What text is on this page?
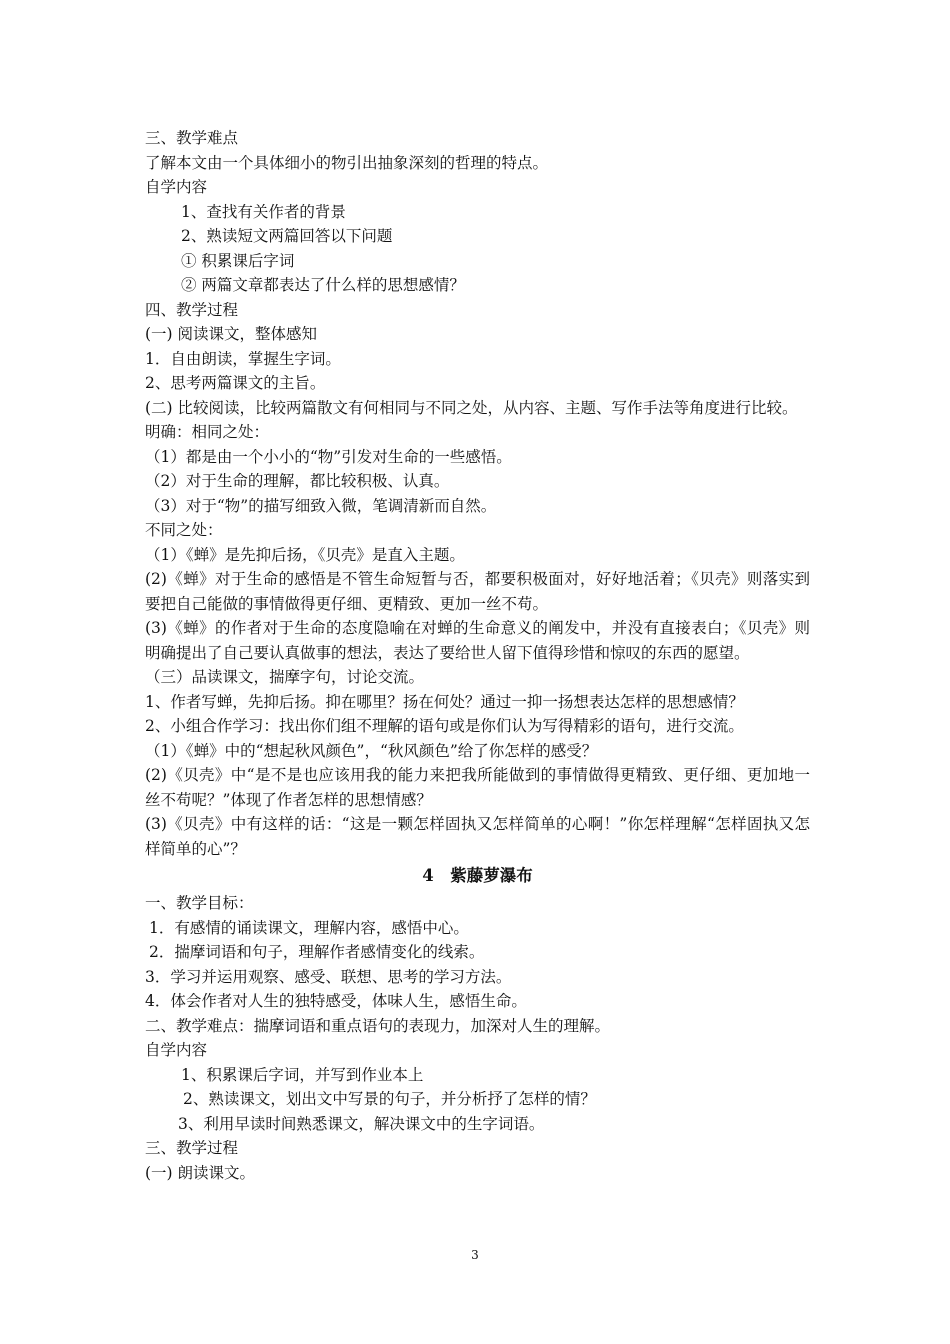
三、教学难点

了解本文由一个具体细小的物引出抽象深刻的哲理的特点。

自学内容

1、查找有关作者的背景

2、熟读短文两篇回答以下问题

① 积累课后字词

② 两篇文章都表达了什么样的思想感情？

四、教学过程

(一) 阅读课文，整体感知

1．自由朗读，掌握生字词。

2、思考两篇课文的主旨。

(二) 比较阅读，比较两篇散文有何相同与不同之处，从内容、主题、写作手法等角度进行比较。

明确：相同之处：

（1）都是由一个小小的“物”引发对生命的一些感悟。

（2）对于生命的理解，都比较积极、认真。

（3）对于“物”的描写细致入微，笔调清新而自然。

不同之处：

（1）《蝉》是先抑后扬，《贝壳》是直入主题。

(2)《蝉》对于生命的感悟是不管生命短暂与否，都要积极面对，好好地活着；《贝壳》则落实到要把自己能做的事情做得更仔细、更精致、更加一丝不苟。

(3)《蝉》的作者对于生命的态度隐喻在对蝉的生命意义的阐发中，并没有直接表白；《贝壳》则明确提出了自己要认真做事的想法，表达了要给世人留下值得珍惜和惊叹的东西的愿望。

（三）品读课文，揣摩字句，讨论交流。

1、作者写蝉，先抑后扬。抑在哪里？扬在何处？通过一抑一扬想表达怎样的思想感情？

2、小组合作学习：找出你们组不理解的语句或是你们认为写得精彩的语句，进行交流。

（1）《蝉》中的“想起秋风颜色”，“秋风颜色”给了你怎样的感受？

(2)《贝壳》中“是不是也应该用我的能力来把我所能做到的事情做得更精致、更仔细、更加地一丝不苟呢？”体现了作者怎样的思想情感？

(3)《贝壳》中有这样的话：“这是一颗怎样固执又怎样简单的心啊！”你怎样理解“怎样固执又怎样简单的心”？

4　紫藤萝瀑布

一、教学目标：

1．有感情的诵读课文，理解内容，感悟中心。

2．揣摩词语和句子，理解作者感情变化的线索。

3．学习并运用观察、感受、联想、思考的学习方法。

4．体会作者对人生的独特感受，体味人生，感悟生命。

二、教学难点：揣摩词语和重点语句的表现力，加深对人生的理解。

自学内容

1、积累课后字词，并写到作业本上

2、熟读课文，划出文中写景的句子，并分析抒了怎样的情？

3、利用早读时间熟悉课文，解决课文中的生字词语。

三、教学过程

(一) 朗读课文。

3
